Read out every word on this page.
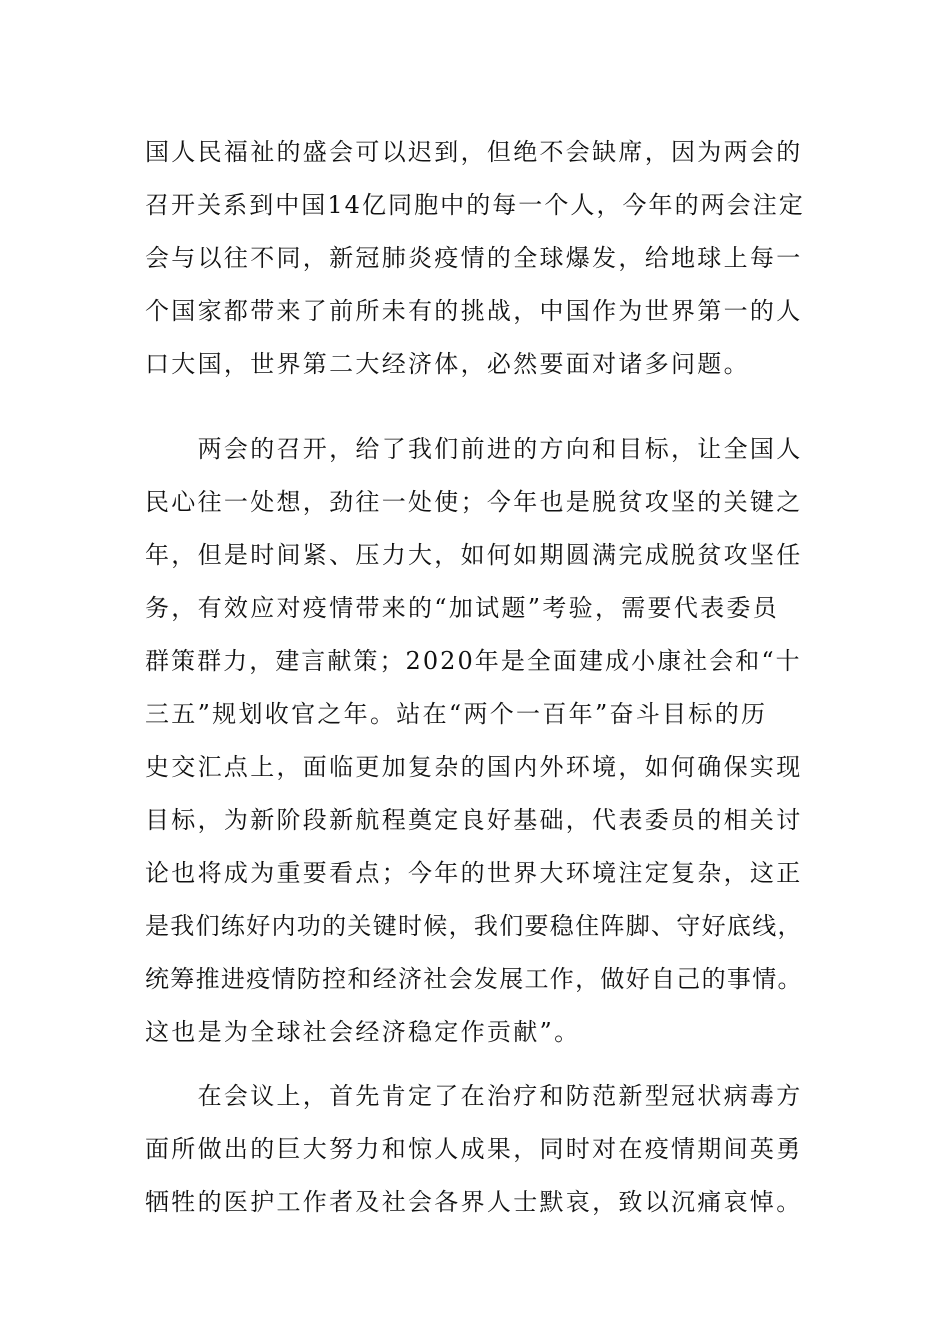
国人民福祉的盛会可以迟到，但绝不会缺席，因为两会的
召开关系到中国14亿同胞中的每一个人，今年的两会注定
会与以往不同，新冠肺炎疫情的全球爆发，给地球上每一
个国家都带来了前所未有的挑战，中国作为世界第一的人
口大国，世界第二大经济体，必然要面对诸多问题。
　　两会的召开，给了我们前进的方向和目标，让全国人
民心往一处想，劲往一处使；今年也是脱贫攻坚的关键之
年，但是时间紧、压力大，如何如期圆满完成脱贫攻坚任
务，有效应对疫情带来的“加试题”考验，需要代表委员
群策群力，建言献策；2020年是全面建成小康社会和“十
三五”规划收官之年。站在“两个一百年”奋斗目标的历
史交汇点上，面临更加复杂的国内外环境，如何确保实现
目标，为新阶段新航程奠定良好基础，代表委员的相关讨
论也将成为重要看点；今年的世界大环境注定复杂，这正
是我们练好内功的关键时候，我们要稳住阵脚、守好底线，
统筹推进疫情防控和经济社会发展工作，做好自己的事情。
这也是为全球社会经济稳定作贡献”。
　　在会议上，首先肯定了在治疗和防范新型冠状病毒方
面所做出的巨大努力和惊人成果，同时对在疫情期间英勇
牺牲的医护工作者及社会各界人士默哀，致以沉痛哀悼。
